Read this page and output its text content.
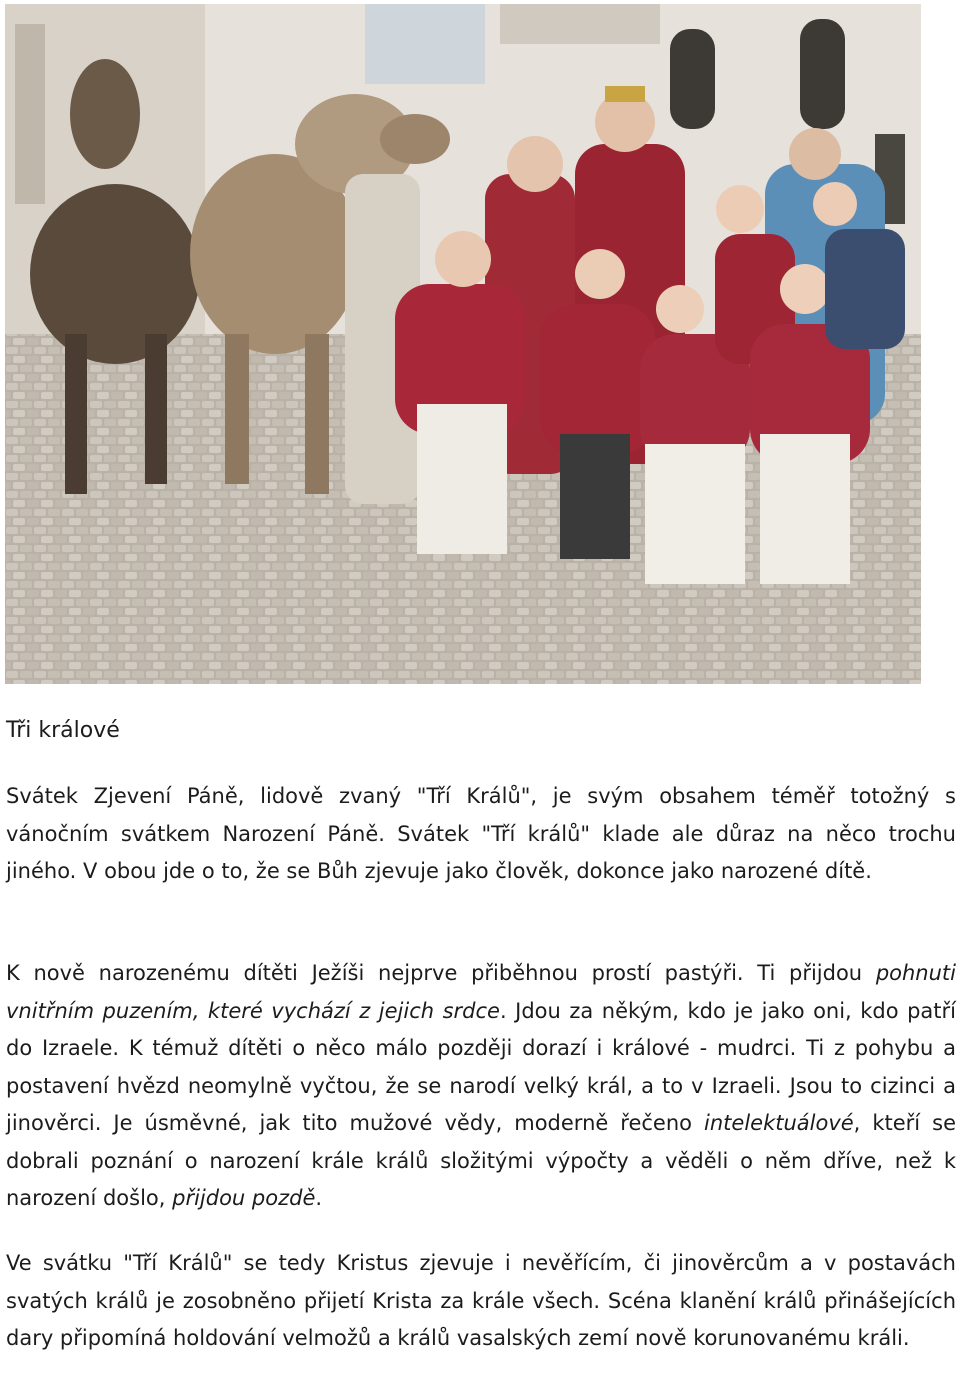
Tři králové

Svátek Zjevení Páně, lidově zvaný "Tří Králů", je svým obsahem téměř totožný s vánočním svátkem Narození Páně. Svátek "Tří králů" klade ale důraz na něco trochu jiného. V obou jde o to, že se Bůh zjevuje jako člověk, dokonce jako narozené dítě.

K nově narozenému dítěti Ježíši nejprve přiběhnou prostí pastýři. Ti přijdou pohnuti vnitřním puzením, které vychází z jejich srdce. Jdou za někým, kdo je jako oni, kdo patří do Izraele. K témuž dítěti o něco málo později dorazí i králové - mudrci. Ti z pohybu a postavení hvězd neomylně vyčtou, že se narodí velký král, a to v Izraeli. Jsou to cizinci a jinověrci. Je úsměvné, jak tito mužové vědy, moderně řečeno intelektuálové, kteří se dobrali poznání o narození krále králů složitými výpočty a věděli o něm dříve, než k narození došlo, přijdou pozdě.

Ve svátku "Tří Králů" se tedy Kristus zjevuje i nevěřícím, či jinověrcům a v postavách svatých králů je zosobněno přijetí Krista za krále všech. Scéna klanění králů přinášejících dary připomíná holdování velmožů a králů vasalských zemí nově korunovanému králi.
